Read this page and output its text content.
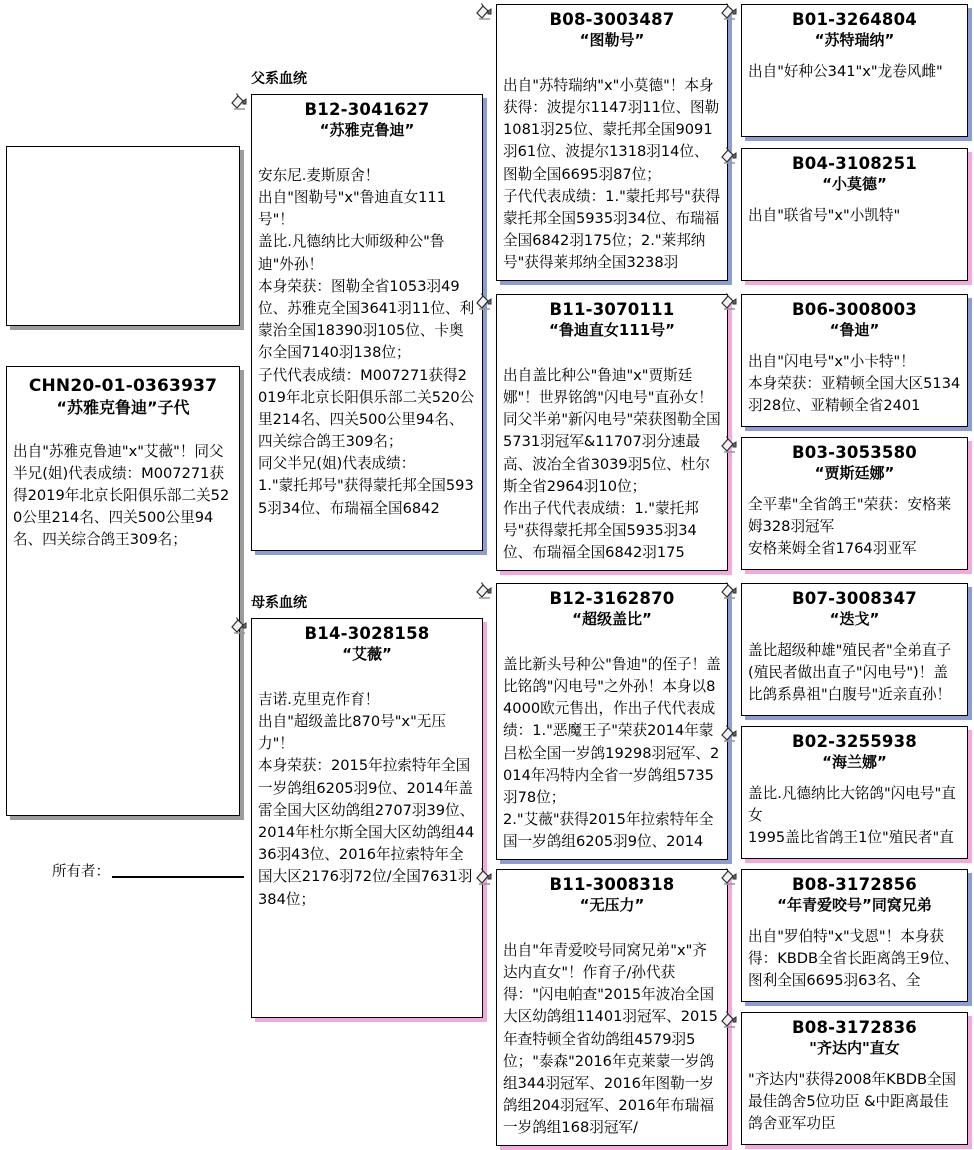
CHN20-01-0363937
“苏雅克鲁迪”子代
出自"苏雅克鲁迪"x"艾薇"！同父半兄(姐)代表成绩：M007271获得2019年北京长阳俱乐部二关520公里214名、四关500公里94名、四关综合鸽王309名；
所有者：
父系血统
母系血统
B12-3041627
“苏雅克鲁迪”
安东尼.麦斯原舍！
出自"图勒号"x"鲁迪直女111号"！
盖比.凡德纳比大师级种公"鲁迪"外孙！
本身荣获：图勒全省1053羽49位、苏雅克全国3641羽11位、利蒙治全国18390羽105位、卡奥尔全国7140羽138位；
子代代表成绩：M007271获得2019年北京长阳俱乐部二关520公里214名、四关500公里94名、四关综合鸽王309名；
同父半兄(姐)代表成绩：
1."蒙托邦号"获得蒙托邦全国5935羽34位、布瑞福全国6842
B14-3028158
“艾薇”
吉诺.克里克作育！
出自"超级盖比870号"x"无压力"！
本身荣获：2015年拉索特年全国一岁鸽组6205羽9位、2014年盖雷全国大区幼鸽组2707羽39位、2014年杜尔斯全国大区幼鸽组4436羽43位、2016年拉索特年全国大区2176羽72位/全国7631羽384位；
B08-3003487
“图勒号”
出自"苏特瑞纳"x"小莫德"！本身获得：波提尔1147羽11位、图勒1081羽25位、蒙托邦全国9091羽61位、波提尔1318羽14位、图勒全国6695羽87位；
子代代表成绩：1."蒙托邦号"获得蒙托邦全国5935羽34位、布瑞福全国6842羽175位；2."莱邦纳号"获得莱邦纳全国3238羽
B11-3070111
“鲁迪直女111号”
出自盖比种公"鲁迪"x"贾斯廷娜"！世界铭鸽"闪电号"直孙女！同父半弟"新闪电号"荣获图勒全国5731羽冠军&11707羽分速最高、波冶全省3039羽5位、杜尔斯全省2964羽10位；
作出子代代表成绩：1."蒙托邦号"获得蒙托邦全国5935羽34位、布瑞福全国6842羽175
B12-3162870
“超级盖比”
盖比新头号种公"鲁迪"的侄子！盖比铭鸽"闪电号"之外孙！本身以84000欧元售出，作出子代代表成绩：1."恶魔王子"荣获2014年蒙吕松全国一岁鸽19298羽冠军、2014年冯特内全省一岁鸽组5735羽78位；
2."艾薇"获得2015年拉索特年全国一岁鸽组6205羽9位、2014
B11-3008318
“无压力”
出自"年青爱咬号同窝兄弟"x"齐达内直女"！作育子/孙代获得："闪电帕查"2015年波冶全国大区幼鸽组11401羽冠军、2015年查特顿全省幼鸽组4579羽5位；"泰森"2016年克莱蒙一岁鸽组344羽冠军、2016年图勒一岁鸽组204羽冠军、2016年布瑞福一岁鸽组168羽冠军/
B01-3264804
“苏特瑞纳”
出自"好种公341"x"龙卷风雌"
B04-3108251
“小莫德”
出自"联省号"x"小凯特"
B06-3008003
“鲁迪”
出自"闪电号"x"小卡特"！
本身荣获：亚精顿全国大区5134羽28位、亚精顿全省2401
B03-3053580
“贾斯廷娜”
全平辈"全省鸽王"荣获：安格莱姆328羽冠军
安格莱姆全省1764羽亚军
B07-3008347
“迭戈”
盖比超级种雄"殖民者"全弟直子(殖民者做出直子"闪电号")！盖比鸽系鼻祖"白腹号"近亲直孙！
B02-3255938
“海兰娜”
盖比.凡德纳比大铭鸽"闪电号"直女
1995盖比省鸽王1位"殖民者"直
B08-3172856
“年青爱咬号”同窝兄弟
出自"罗伯特"x"戈恩"！本身获得：KBDB全省长距离鸽王9位、图利全国6695羽63名、全
B08-3172836
"齐达内"直女
"齐达内"获得2008年KBDB全国最佳鸽舍5位功臣 &中距离最佳鸽舍亚军功臣
